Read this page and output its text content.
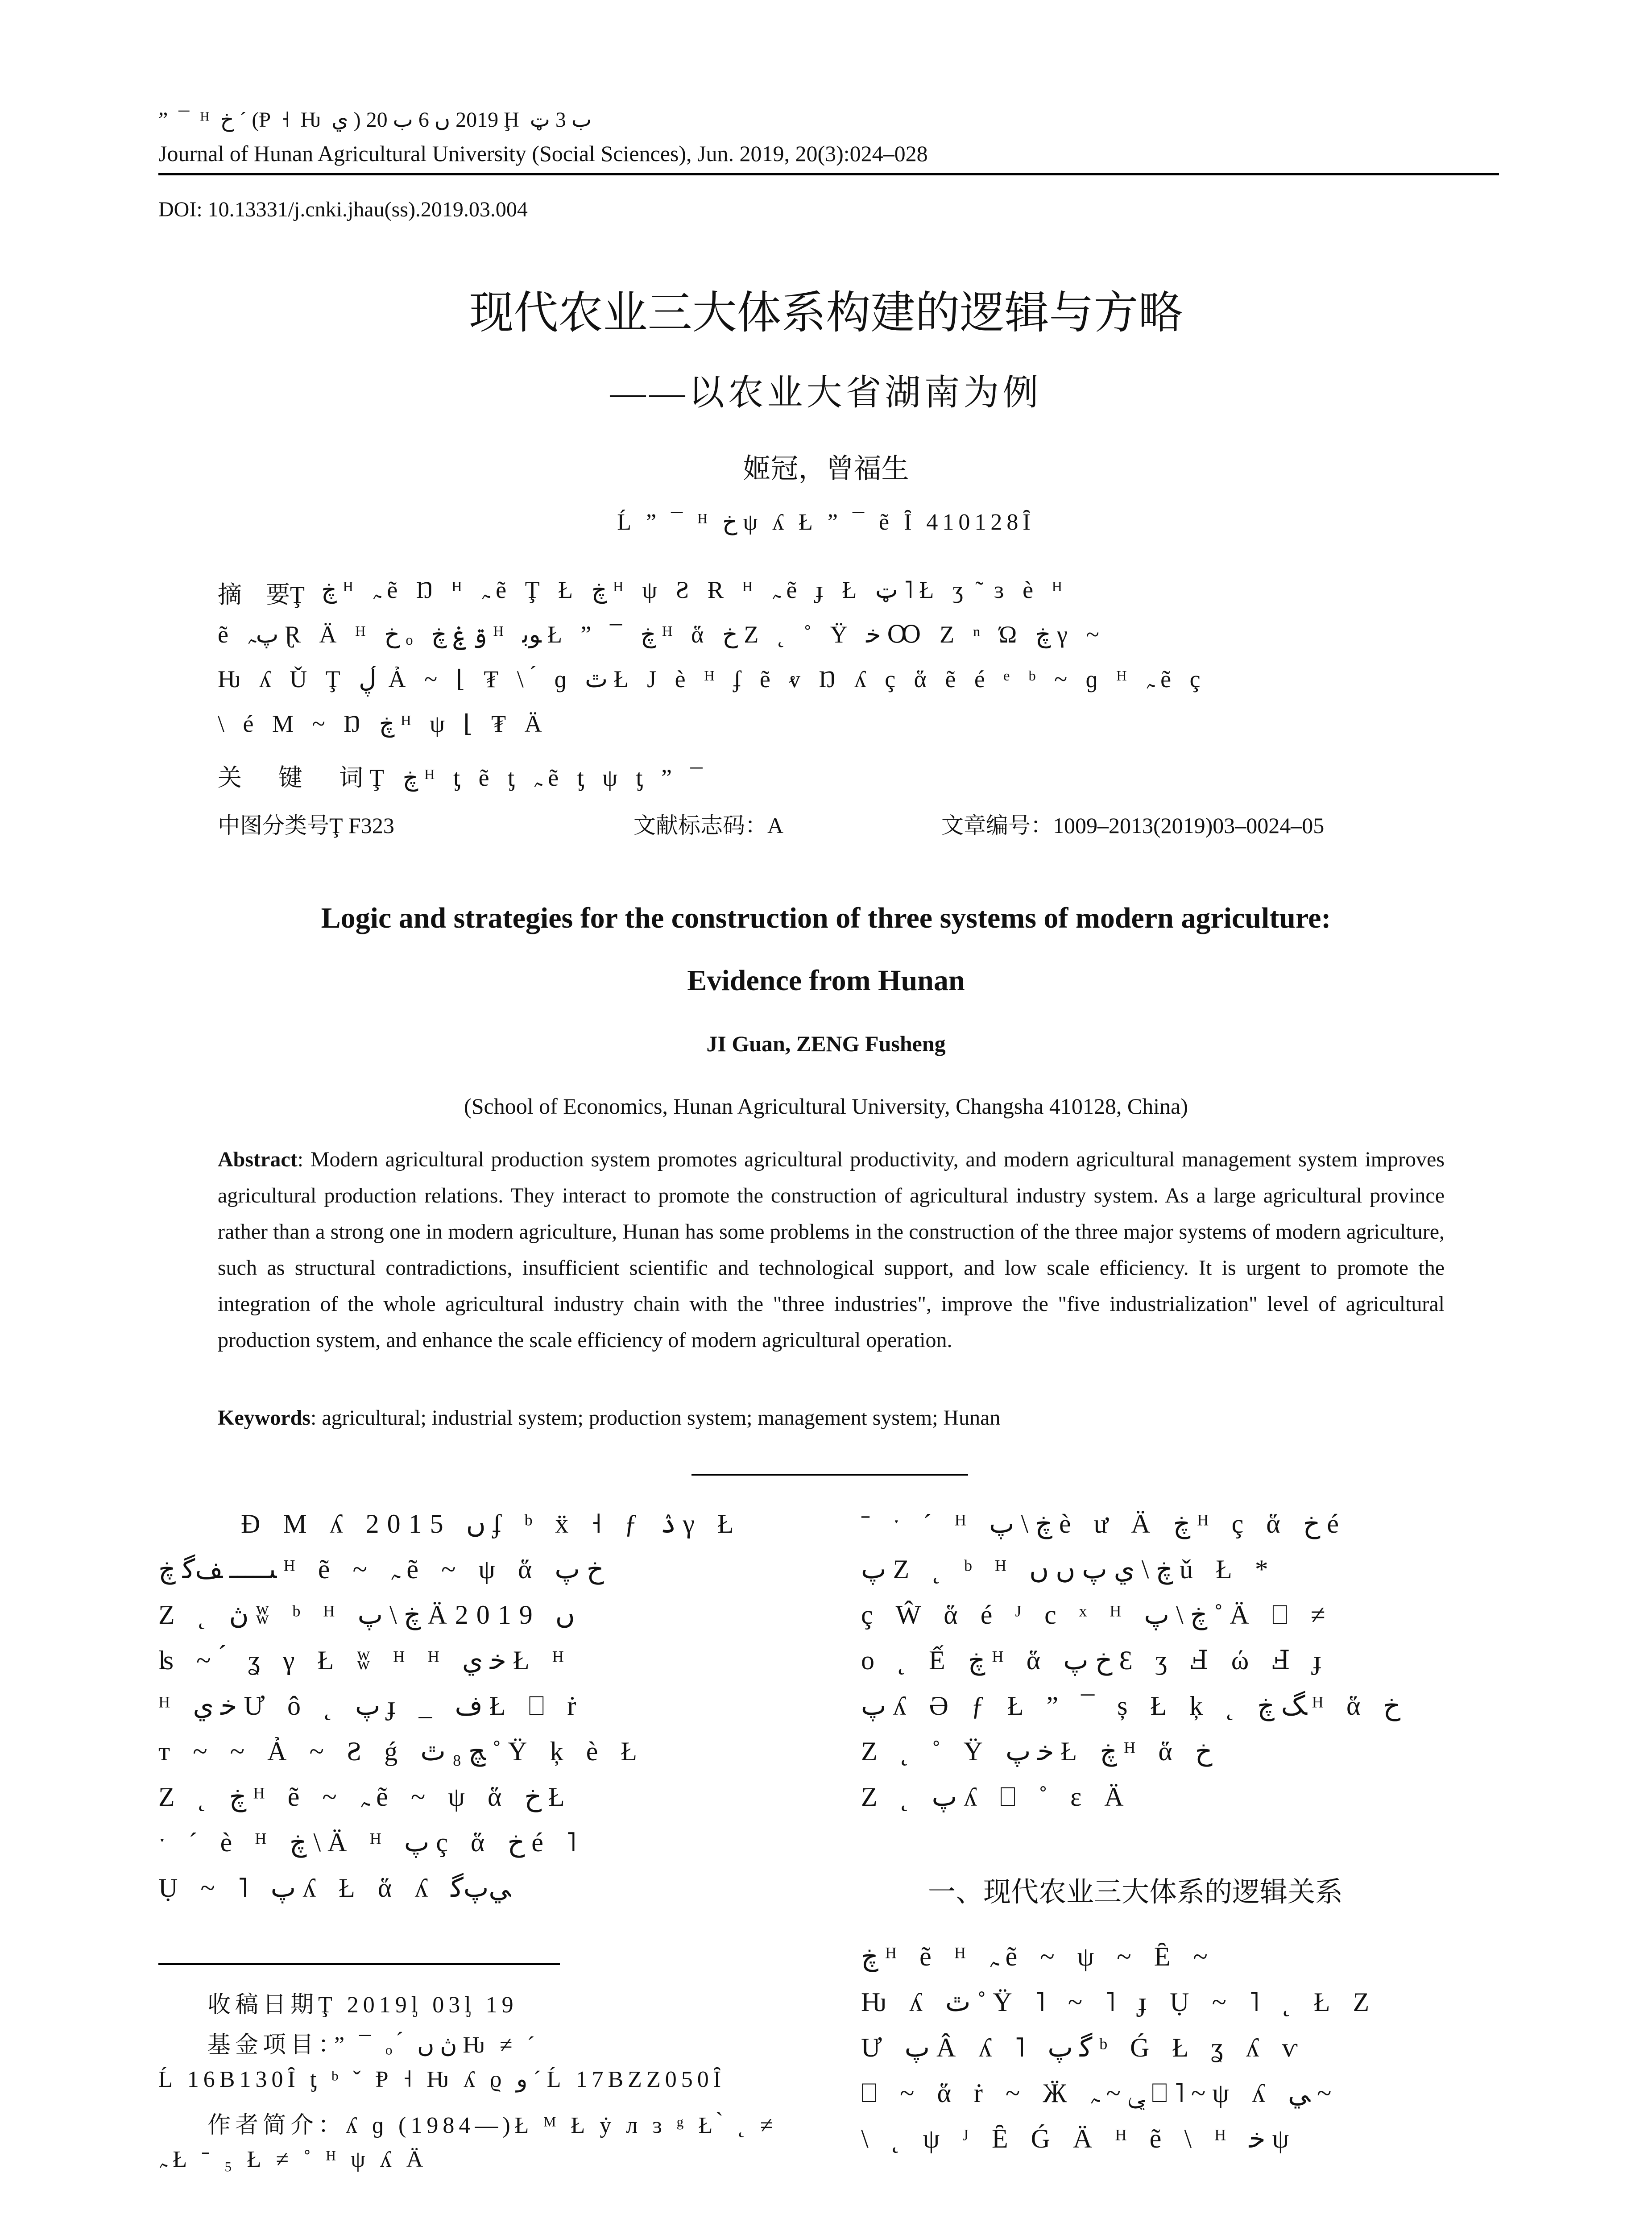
” ¯ ᴴ ﺥ ˊ (Ᵽ ˧ Ƕ ي ) 2019 ں 6 ب 20 Ḩ ب 3 ټ
Journal of Hunan Agricultural University (Social Sciences), Jun. 2019, 20(3):024–028
DOI: 10.13331/j.cnki.jhau(ss).2019.03.004
现代农业三大体系构建的逻辑与方略
——以农业大省湖南为例
姬冠，曾福生
Ĺ ” ¯ ᴴ ﺥ ψ ʎ Ł ” ¯ ẽ Ȋ 410128Ȋ
摘　要Ţ ڿ ᴴ ﮧ ẽ Ŋ ᴴ ﮧ ẽ Ţ Ł ڿ ᴴ ψ Ƨ Ɍ ᴴ ﮧ ẽ ɟ Ł ټ ˥ Ł ʒ ̃ ɜ è ᴴ
ẽ ﭖﮧ Ɽ Ä ᴴ ﺥ ₒ ۊ ۼ ڿ ᴴ ﻮﺑ Ł ” ¯ ڿ ᴴ ἅ ﺥ Ζ ˛ ˚ Ÿ ﺧ Ꝏ Ζ ⁿ Ώ ڿ γ ~
Ƕ ʎ Ǔ Ţ ڸ ́ Ả ~ ⌊ ₮ \ ́ ɡ ٿ Ł J è ᴴ ʄ ẽ ⱴ Ŋ ʎ ç ἅ ẽ é ᵉ ᵇ ~ ɡ ᴴ ﮧ ẽ ç
\ é M ~ Ŋ ڿ ᴴ ψ ⌊ ₮ Ä
关　键　词Ţ ڿ ᴴ ƫ ẽ ƫ ﮧ ẽ ƫ ψ ƫ ” ¯
中图分类号Ţ F323	文献标志码：A	文章编号：1009–2013(2019)03–0024–05
Logic and strategies for the construction of three systems of modern agriculture:
Evidence from Hunan
JI Guan, ZENG Fusheng
(School of Economics, Hunan Agricultural University, Changsha 410128, China)
Abstract: Modern agricultural production system promotes agricultural productivity, and modern agricultural management system improves agricultural production relations. They interact to promote the construction of agricultural industry system. As a large agricultural province rather than a strong one in modern agriculture, Hunan has some problems in the construction of the three major systems of modern agriculture, such as structural contradictions, insufficient scientific and technological support, and low scale efficiency. It is urgent to promote the integration of the whole agricultural industry chain with the "three industries", improve the "five industrialization" level of agricultural production system, and enhance the scale efficiency of modern agricultural operation.
Keywords: agricultural; industrial system; production system; management system; Hunan
Ɖ M ʎ 2015 ں ʄ ᵇ ẍ ˧ ƒ ۮ γ Ł
ﯩـــــ ﻒﮔ ڿ ᴴ ẽ ~ ﮧ ẽ ~ ψ ἅ ﺥ ﭖ
Ζ ˛ ڽ ʬ ᵇ ᴴ ڿ \ ﭖ Ä2019 ں
ʪ ~ ́ ʓ γ Ł ʬ ᴴ ᴴ ﺧ ي Ł ᴴ
ᴴ ﺧ ي Ư ô ˛ ﭖ ɟ _ ﻑ Ł ⎕ ṙ
т ~ ~ Ả ~ Ƨ ǵ ﭻ ₈ ٿ ˚ Ÿ ķ è Ł
Ζ ˛ ڿ ᴴ ẽ ~ ﮧ ẽ ~ ψ ἅ ﺥ Ł
ˑ ˊ è ᴴ ڿ \ Ä ᴴ ﭖ ç ἅ ﺥ é ˥
Ụ ~ ˥ ﭖ ʎ Ł ἅ ʎ ﻲﭖﮔ
ˉ ˑ ˊ ᴴ ڿ \ ﭖ è ư Ä ڿ ᴴ ç ἅ ﺥ é
ﭖ Ζ ˛ ᵇ ᴴ ڿ \ ي ﭖ ﮞ ﮞ ǔ Ł *
ç Ŵ ἅ é ᴶ c ˣ ᴴ ڿ \ ﭖ ˚ Ä ⎕ ≠
o ˛ Ế ڿ ᴴ ἅ ﺥ ﭖ Ɛ ʒ Ⅎ ώ Ⅎ ɟ
ﭖ ʎ Ə ƒ Ł ” ¯ ș Ł ķ ˛ ﮓ ڿ ᴴ ἅ ﺥ
Ζ ˛ ˚ Ÿ ﺧ ﭖ Ł ڿ ᴴ ἅ ﺥ
Ζ ˛ ﭖ ʎ ⎕ ˚ ɛ Ä
一、现代农业三大体系的逻辑关系
ڿ ᴴ ẽ ᴴ ﮧ ẽ ~ ψ ~ Ȇ ~
Ƕ ʎ ٿ ˚ Ÿ ˥ ~ ˥ ɟ Ụ ~ ˥ ˛ Ł Ζ
Ư ﭖ Â ʎ ˥ ﮔ ﭖ ᵇ Ǵ Ł ʓ ʎ ѵ
⎕ ~ ἅ ṙ ~ Ӝ ﻲ ~ ﮧ ⎕ ˥ ~ ψ ʎ ﻲ ~
\ ˛ ψ ᴶ Ȇ Ǵ Ä ᴴ ẽ \ ᴴ ﺧ ψ
收稿日期Ţ 2019ᶅ 03ᶅ 19
基金项目：” ¯ ₒ ́ ڽ ں Ƕ ≠ ˊ
Ĺ 16B130Ȋ ƫ ᵇ ˇ Ᵽ ˧ Ƕ ʎ ϱ ﻭ ˊ Ĺ 17BZZ050Ȋ
作者简介：ʎ ɡ (1984—)Ł ᴹ Ł ẏ л ɜ ᵍ Ł ̀ ˛ ≠
ﮧ Ł ˉ ₅ Ł ≠ ˚ ᴴ ψ ʎ Ä
